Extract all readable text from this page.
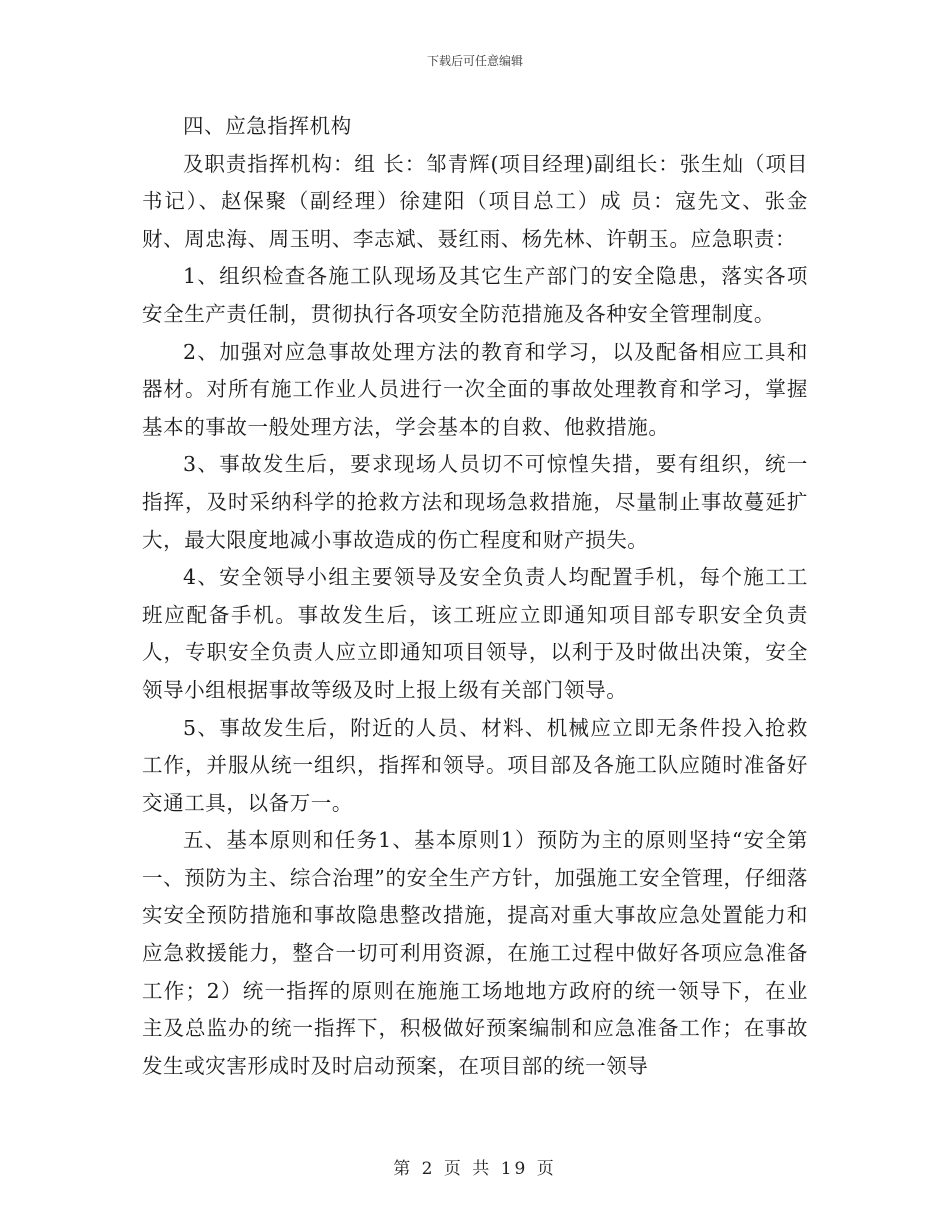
下载后可任意编辑

四、应急指挥机构

及职责指挥机构：组 长：邹青辉(项目经理)副组长：张生灿（项目书记）、赵保聚（副经理）徐建阳（项目总工）成 员：寇先文、张金财、周忠海、周玉明、李志斌、聂红雨、杨先林、许朝玉。应急职责：

1、组织检查各施工队现场及其它生产部门的安全隐患，落实各项安全生产责任制，贯彻执行各项安全防范措施及各种安全管理制度。

2、加强对应急事故处理方法的教育和学习，以及配备相应工具和器材。对所有施工作业人员进行一次全面的事故处理教育和学习，掌握基本的事故一般处理方法，学会基本的自救、他救措施。

3、事故发生后，要求现场人员切不可惊惶失措，要有组织，统一指挥，及时采纳科学的抢救方法和现场急救措施，尽量制止事故蔓延扩大，最大限度地减小事故造成的伤亡程度和财产损失。

4、安全领导小组主要领导及安全负责人均配置手机，每个施工工班应配备手机。事故发生后，该工班应立即通知项目部专职安全负责人，专职安全负责人应立即通知项目领导，以利于及时做出决策，安全领导小组根据事故等级及时上报上级有关部门领导。

5、事故发生后，附近的人员、材料、机械应立即无条件投入抢救工作，并服从统一组织，指挥和领导。项目部及各施工队应随时准备好交通工具，以备万一。

五、基本原则和任务1、基本原则1）预防为主的原则坚持“安全第一、预防为主、综合治理”的安全生产方针，加强施工安全管理，仔细落实安全预防措施和事故隐患整改措施，提高对重大事故应急处置能力和应急救援能力，整合一切可利用资源，在施工过程中做好各项应急准备工作；2）统一指挥的原则在施施工场地地方政府的统一领导下，在业主及总监办的统一指挥下，积极做好预案编制和应急准备工作；在事故发生或灾害形成时及时启动预案，在项目部的统一领导

第 2 页 共 19 页
